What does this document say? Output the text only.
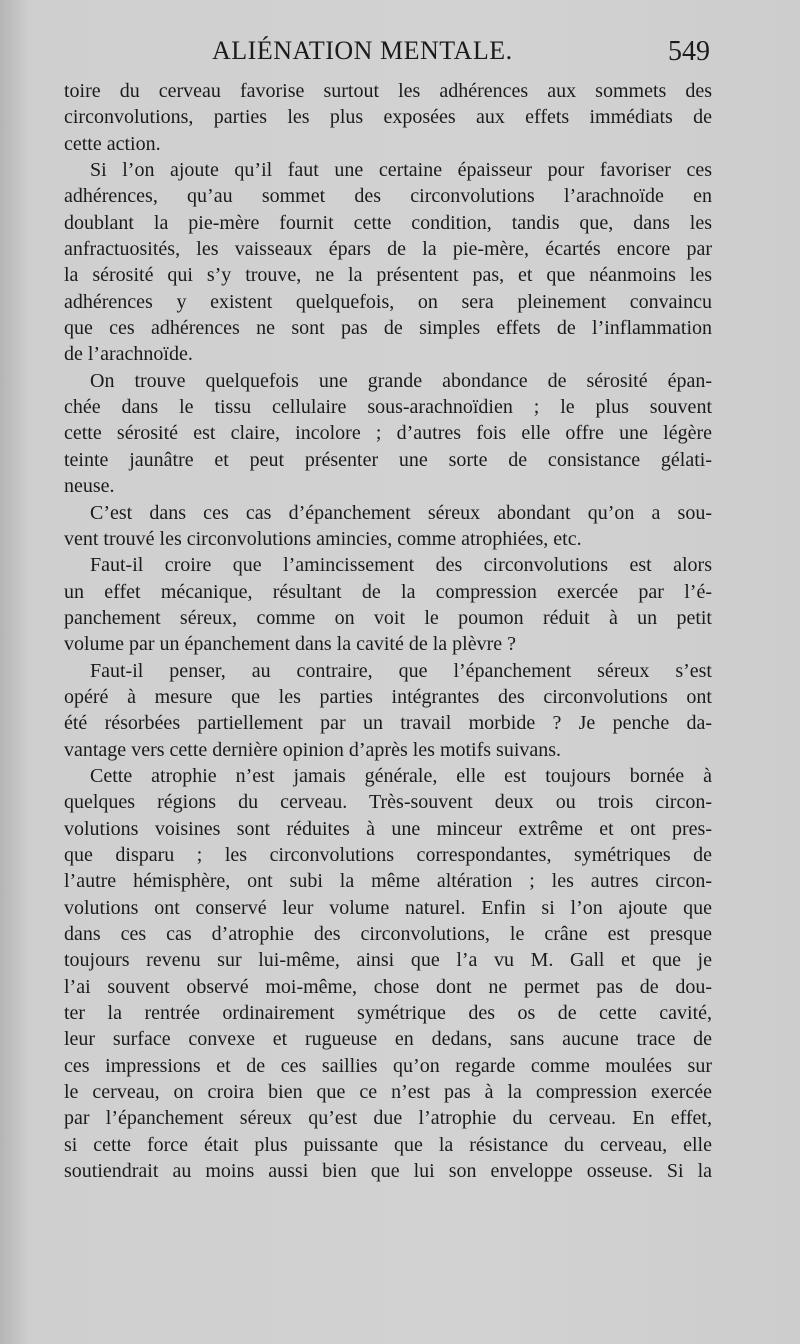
ALIÉNATION MENTALE.	549
toire du cerveau favorise surtout les adhérences aux sommets des
circonvolutions, parties les plus exposées aux effets immédiats de
cette action.
Si l’on ajoute qu’il faut une certaine épaisseur pour favoriser ces
adhérences, qu’au sommet des circonvolutions l’arachnoïde en
doublant la pie-mère fournit cette condition, tandis que, dans les
anfractuosités, les vaisseaux épars de la pie-mère, écartés encore par
la sérosité qui s’y trouve, ne la présentent pas, et que néanmoins les
adhérences y existent quelquefois, on sera pleinement convaincu
que ces adhérences ne sont pas de simples effets de l’inflammation
de l’arachnoïde.
On trouve quelquefois une grande abondance de sérosité épan-
chée dans le tissu cellulaire sous-arachnoïdien ; le plus souvent
cette sérosité est claire, incolore ; d’autres fois elle offre une légère
teinte jaunâtre et peut présenter une sorte de consistance gélati-
neuse.
C’est dans ces cas d’épanchement séreux abondant qu’on a sou-
vent trouvé les circonvolutions amincies, comme atrophiées, etc.
Faut-il croire que l’amincissement des circonvolutions est alors
un effet mécanique, résultant de la compression exercée par l’é-
panchement séreux, comme on voit le poumon réduit à un petit
volume par un épanchement dans la cavité de la plèvre ?
Faut-il penser, au contraire, que l’épanchement séreux s’est
opéré à mesure que les parties intégrantes des circonvolutions ont
été résorbées partiellement par un travail morbide ? Je penche da-
vantage vers cette dernière opinion d’après les motifs suivans.
Cette atrophie n’est jamais générale, elle est toujours bornée à
quelques régions du cerveau. Très-souvent deux ou trois circon-
volutions voisines sont réduites à une minceur extrême et ont pres-
que disparu ; les circonvolutions correspondantes, symétriques de
l’autre hémisphère, ont subi la même altération ; les autres circon-
volutions ont conservé leur volume naturel. Enfin si l’on ajoute que
dans ces cas d’atrophie des circonvolutions, le crâne est presque
toujours revenu sur lui-même, ainsi que l’a vu M. Gall et que je
l’ai souvent observé moi-même, chose dont ne permet pas de dou-
ter la rentrée ordinairement symétrique des os de cette cavité,
leur surface convexe et rugueuse en dedans, sans aucune trace de
ces impressions et de ces saillies qu’on regarde comme moulées sur
le cerveau, on croira bien que ce n’est pas à la compression exercée
par l’épanchement séreux qu’est due l’atrophie du cerveau. En effet,
si cette force était plus puissante que la résistance du cerveau, elle
soutiendrait au moins aussi bien que lui son enveloppe osseuse. Si la
